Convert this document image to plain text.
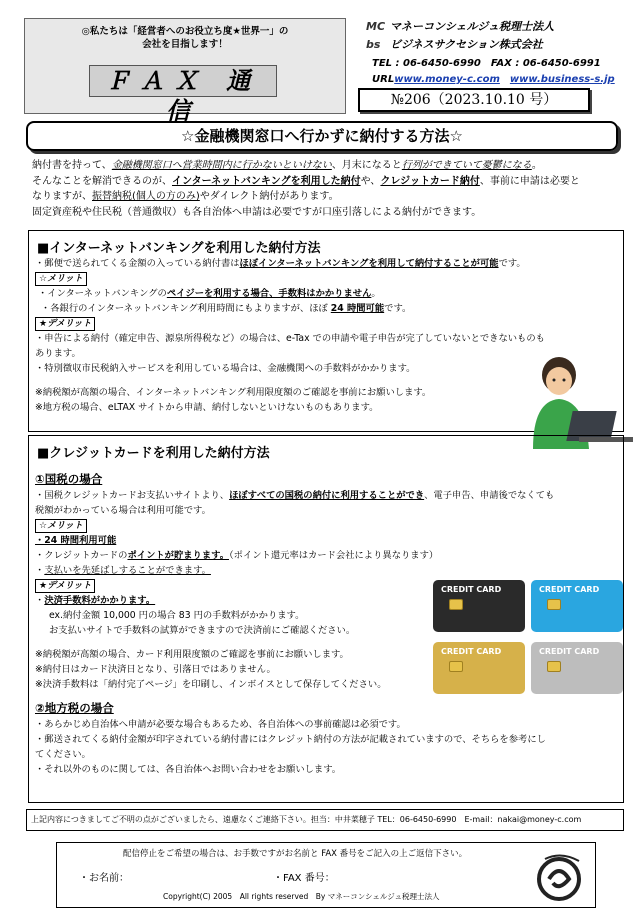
◎私たちは「経営者へのお役立ち度★世界一」の
会社を目指します！
ＦＡＸ 通信
MC マネーコンシェルジュ税理士法人
bs ビジネスサクセション株式会社
TEL : 06-6450-6990　FAX : 06-6450-6991
URLwww.money-c.com　 www.business-s.jp
№206（2023.10.10 号）
☆金融機関窓口へ行かずに納付する方法☆
納付書を持って、金融機関窓口へ営業時間内に行かないといけない、月末になると行列ができていて憂鬱になる。
そんなことを解消できるのが、インターネットバンキングを利用した納付や、クレジットカード納付、事前に申請は必要と
なりますが、振替納税(個人の方のみ)やダイレクト納付があります。
固定資産税や住民税（普通徴収）も各自治体へ申請は必要ですが口座引落しによる納付ができます。
■インターネットバンキングを利用した納付方法
・郵便で送られてくる金額の入っている納付書はほぼインターネットバンキングを利用して納付することが可能です。
☆メリット
・インターネットバンキングのペイジーを利用する場合、手数料はかかりません。
・各銀行のインターネットバンキング利用時間にもよりますが、ほぼ 24 時間可能です。
★デメリット
・申告による納付（確定申告、源泉所得税など）の場合は、e-Tax での申請や電子申告が完了していないとできないものも
あります。
・特別徴収市民税納入サービスを利用している場合は、金融機関への手数料がかかります。
※納税額が高額の場合、インターネットバンキング利用限度額のご確認を事前にお願いします。
※地方税の場合、eLTAX サイトから申請、納付しないといけないものもあります。
■クレジットカードを利用した納付方法
①国税の場合
・国税クレジットカードお支払いサイトより、ほぼすべての国税の納付に利用することができ、電子申告、申請後でなくても
税額がわかっている場合は利用可能です。
☆メリット
・24 時間利用可能
・クレジットカードのポイントが貯まります。（ポイント還元率はカード会社により異なります）
・支払いを先延ばしすることができます。
★デメリット
・決済手数料がかかります。
ex.納付金額 10,000 円の場合 83 円の手数料がかかります。
お支払いサイトで手数料の試算ができますので決済前にご確認ください。
※納税額が高額の場合、カード利用限度額のご確認を事前にお願いします。
※納付日はカード決済日となり、引落日ではありません。
※決済手数料は「納付完了ページ」を印刷し、インボイスとして保存してください。
②地方税の場合
・あらかじめ自治体へ申請が必要な場合もあるため、各自治体への事前確認は必須です。
・郵送されてくる納付金額が印字されている納付書にはクレジット納付の方法が記載されていますので、そちらを参考にし
てください。
・それ以外のものに関しては、各自治体へお問い合わせをお願いします。
CREDIT CARD	CREDIT CARD
CREDIT CARD	CREDIT CARD
上記内容につきましてご不明の点がございましたら、遠慮なくご連絡下さい。担当：中井菜穂子 TEL：06-6450-6990　E-mail：nakai@money-c.com
配信停止をご希望の場合は、お手数ですがお名前と FAX 番号をご記入の上ご返信下さい。
・お名前：	・FAX 番号：
Copyright(C) 2005　All rights reserved　By マネーコンシェルジュ税理士法人
